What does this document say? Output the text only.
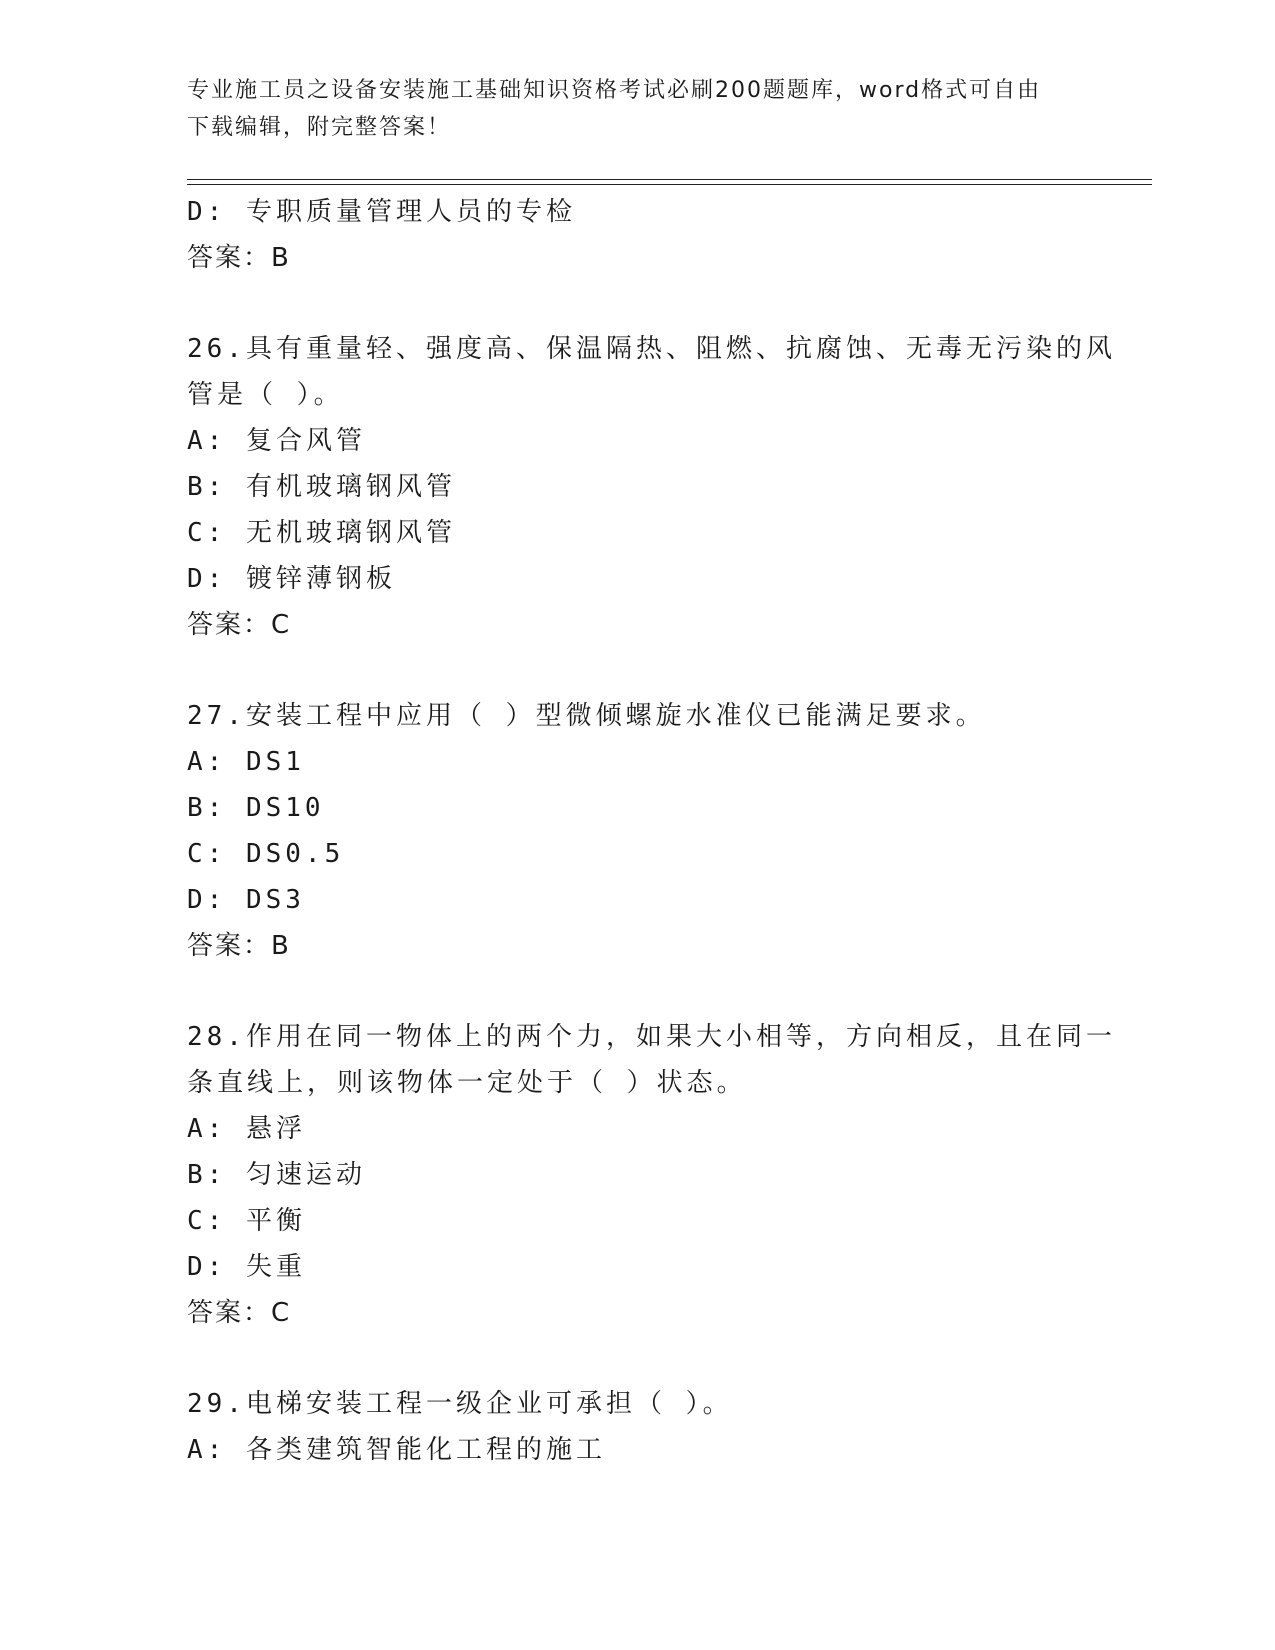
专业施工员之设备安装施工基础知识资格考试必刷200题题库，word格式可自由
下载编辑，附完整答案！
D: 专职质量管理人员的专检
答案：B
26.具有重量轻、强度高、保温隔热、阻燃、抗腐蚀、无毒无污染的风
管是（ ）。
A: 复合风管
B: 有机玻璃钢风管
C: 无机玻璃钢风管
D: 镀锌薄钢板
答案：C
27.安装工程中应用（ ）型微倾螺旋水准仪已能满足要求。
A: DS1
B: DS10
C: DS0.5
D: DS3
答案：B
28.作用在同一物体上的两个力，如果大小相等，方向相反，且在同一
条直线上，则该物体一定处于（ ）状态。
A: 悬浮
B: 匀速运动
C: 平衡
D: 失重
答案：C
29.电梯安装工程一级企业可承担（ ）。
A: 各类建筑智能化工程的施工
